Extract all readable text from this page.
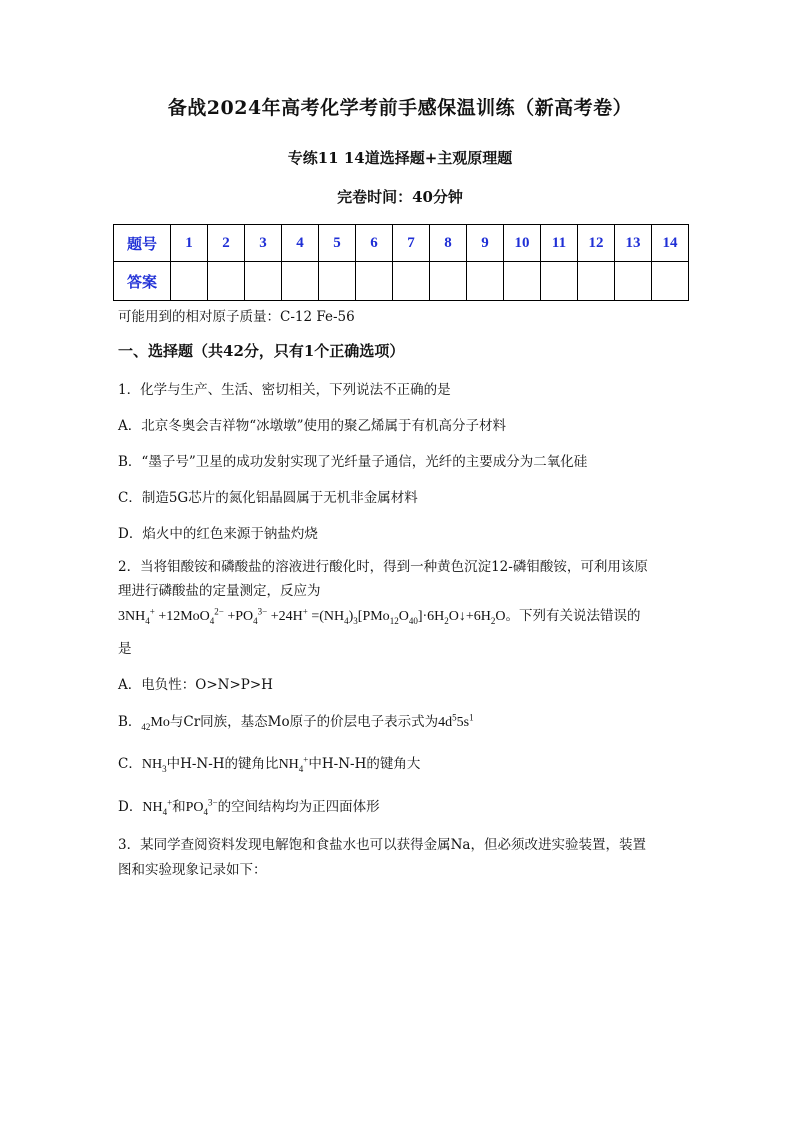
备战2024年高考化学考前手感保温训练（新高考卷）
专练11 14道选择题+主观原理题
完卷时间：40分钟
题号	1	2	3	4	5	6	7	8	9	10	11	12	13	14
答案														
可能用到的相对原子质量：C-12 Fe-56
一、选择题（共42分，只有1个正确选项）
1．化学与生产、生活、密切相关，下列说法不正确的是
A．北京冬奥会吉祥物“冰墩墩”使用的聚乙烯属于有机高分子材料
B．“墨子号”卫星的成功发射实现了光纤量子通信，光纤的主要成分为二氧化硅
C．制造5G芯片的氮化铝晶圆属于无机非金属材料
D．焰火中的红色来源于钠盐灼烧
2．当将钼酸铵和磷酸盐的溶液进行酸化时，得到一种黄色沉淀12-磷钼酸铵，可利用该原
理进行磷酸盐的定量测定，反应为
$3NH_4^+ +12MoO_4^{2-} +PO_4^{3-} +24H^+$ $=(NH_4)_3[PMo_{12}O_{40}]\cdot 6H_2O↓+6H_2O$。下列有关说法错误的
是
A．电负性：O>N>P>H
B．$_{42}$Mo与Cr同族，基态Mo原子的价层电子表示式为$4d^55s^1$
C．$NH_3$中H-N-H的键角比$NH_4^+$中H-N-H的键角大
D．$NH_4^+$和$PO_4^{3-}$的空间结构均为正四面体形
3．某同学查阅资料发现电解饱和食盐水也可以获得金属Na，但必须改进实验装置，装置
图和实验现象记录如下：
